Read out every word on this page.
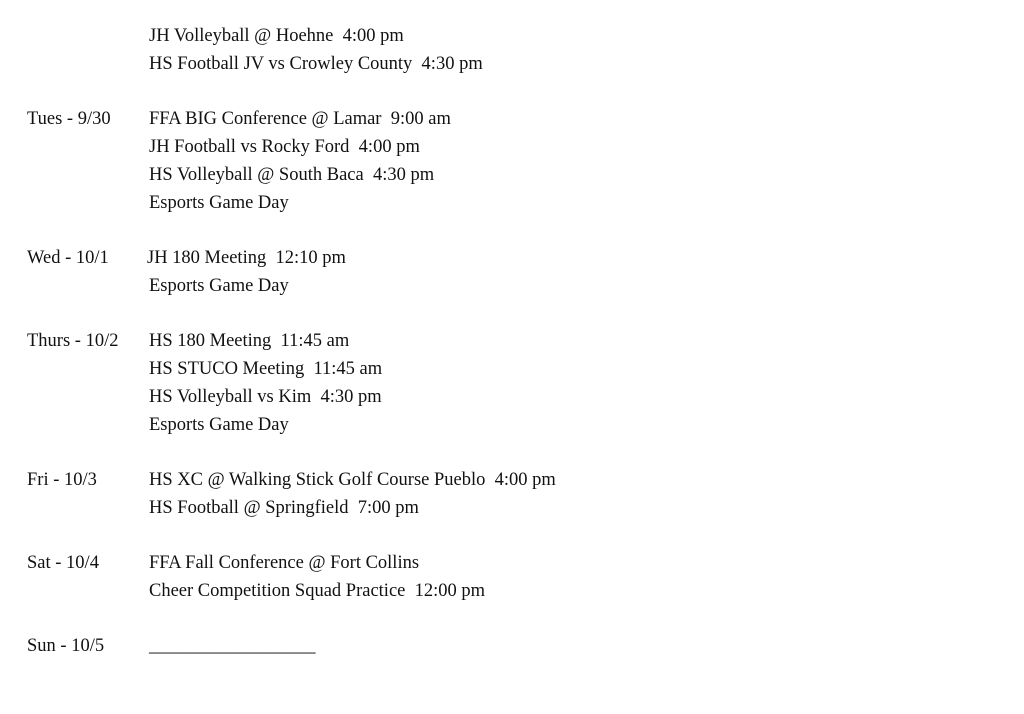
JH Volleyball @ Hoehne  4:00 pm
HS Football JV vs Crowley County  4:30 pm
Tues - 9/30 FFA BIG Conference @ Lamar  9:00 am
JH Football vs Rocky Ford  4:00 pm
HS Volleyball @ South Baca  4:30 pm
Esports Game Day
Wed - 10/1 JH 180 Meeting  12:10 pm
Esports Game Day
Thurs - 10/2 HS 180 Meeting  11:45 am
HS STUCO Meeting  11:45 am
HS Volleyball vs Kim  4:30 pm
Esports Game Day
Fri - 10/3	HS XC @ Walking Stick Golf Course Pueblo  4:00 pm
HS Football @ Springfield  7:00 pm
Sat - 10/4	FFA Fall Conference @ Fort Collins
Cheer Competition Squad Practice  12:00 pm
Sun - 10/5 __________________
